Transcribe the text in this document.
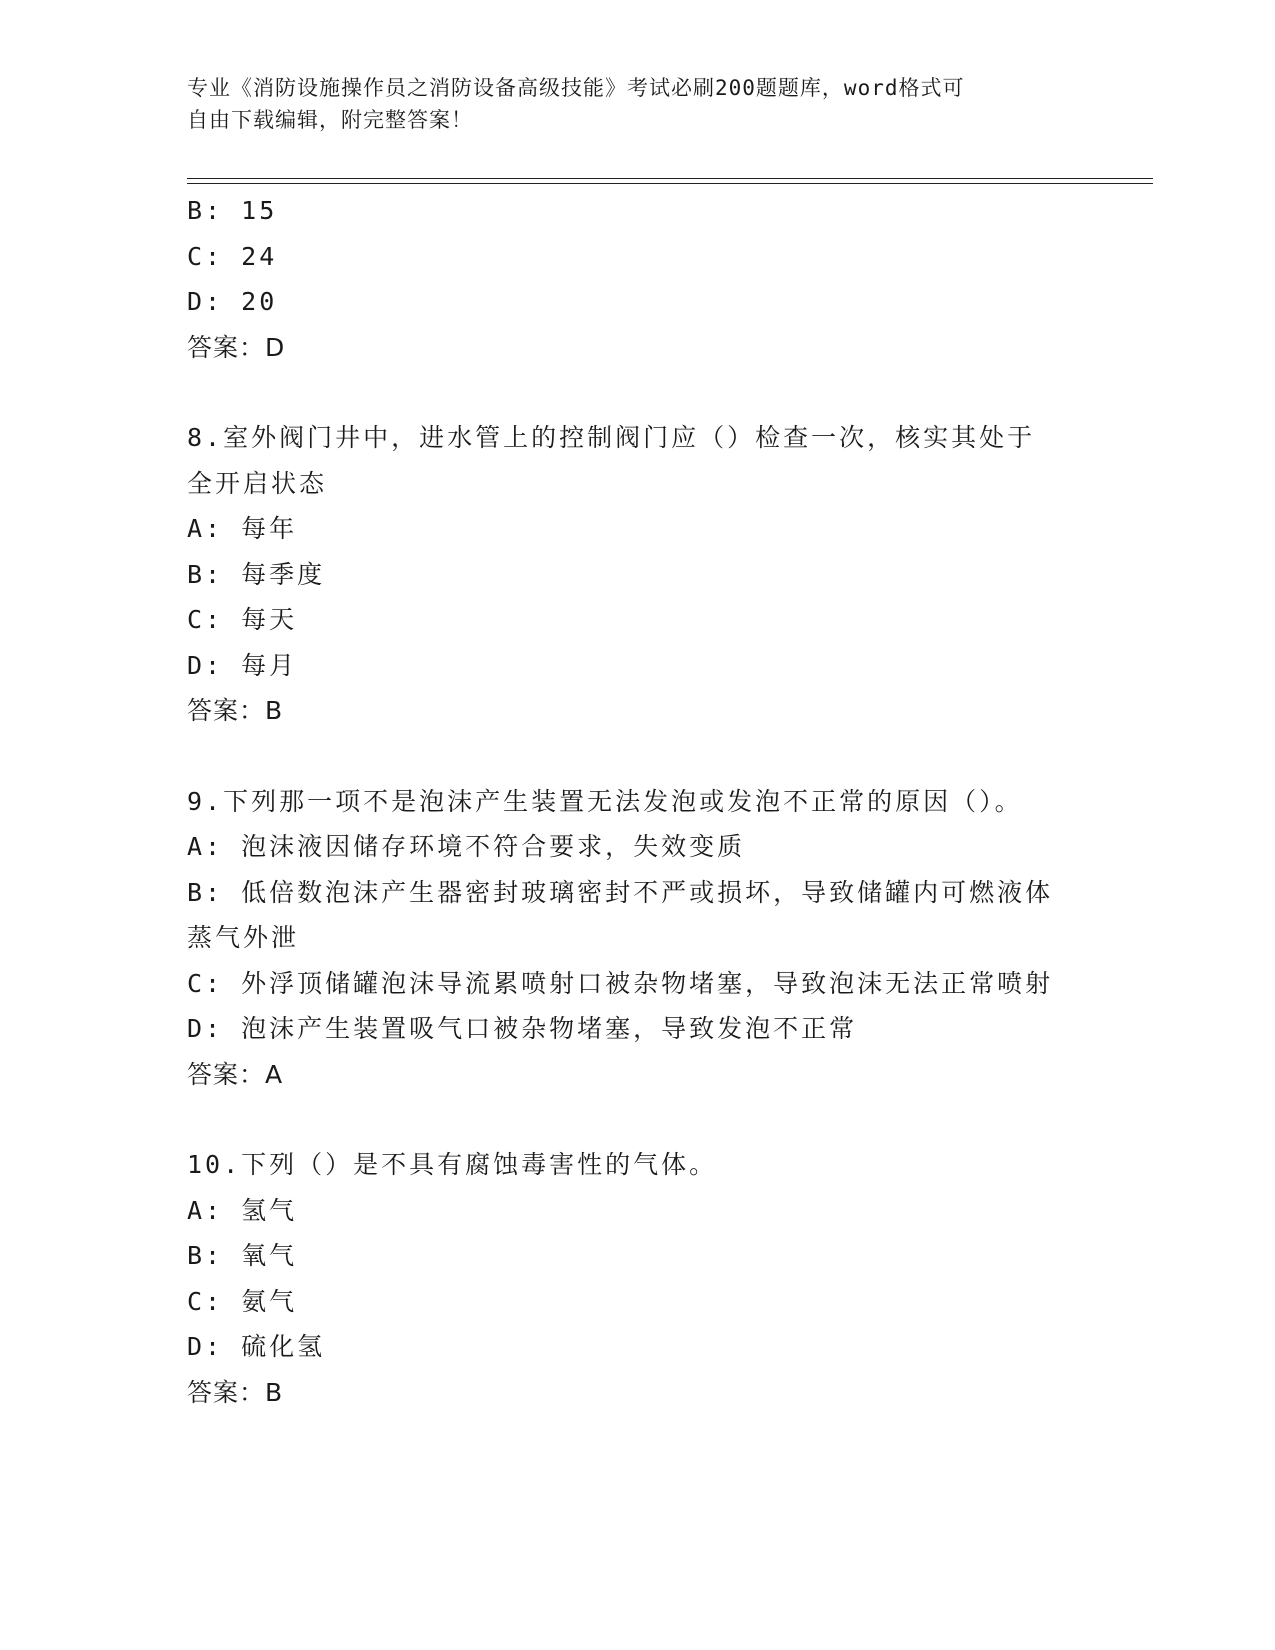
专业《消防设施操作员之消防设备高级技能》考试必刷200题题库，word格式可
自由下载编辑，附完整答案！
B: 15
C: 24
D: 20
答案：D
8.室外阀门井中，进水管上的控制阀门应（）检查一次，核实其处于
全开启状态
A: 每年
B: 每季度
C: 每天
D: 每月
答案：B
9.下列那一项不是泡沫产生装置无法发泡或发泡不正常的原因（）。
A: 泡沫液因储存环境不符合要求，失效变质
B: 低倍数泡沫产生器密封玻璃密封不严或损坏，导致储罐内可燃液体
蒸气外泄
C: 外浮顶储罐泡沫导流累喷射口被杂物堵塞，导致泡沫无法正常喷射
D: 泡沫产生装置吸气口被杂物堵塞，导致发泡不正常
答案：A
10.下列（）是不具有腐蚀毒害性的气体。
A: 氢气
B: 氧气
C: 氨气
D: 硫化氢
答案：B
